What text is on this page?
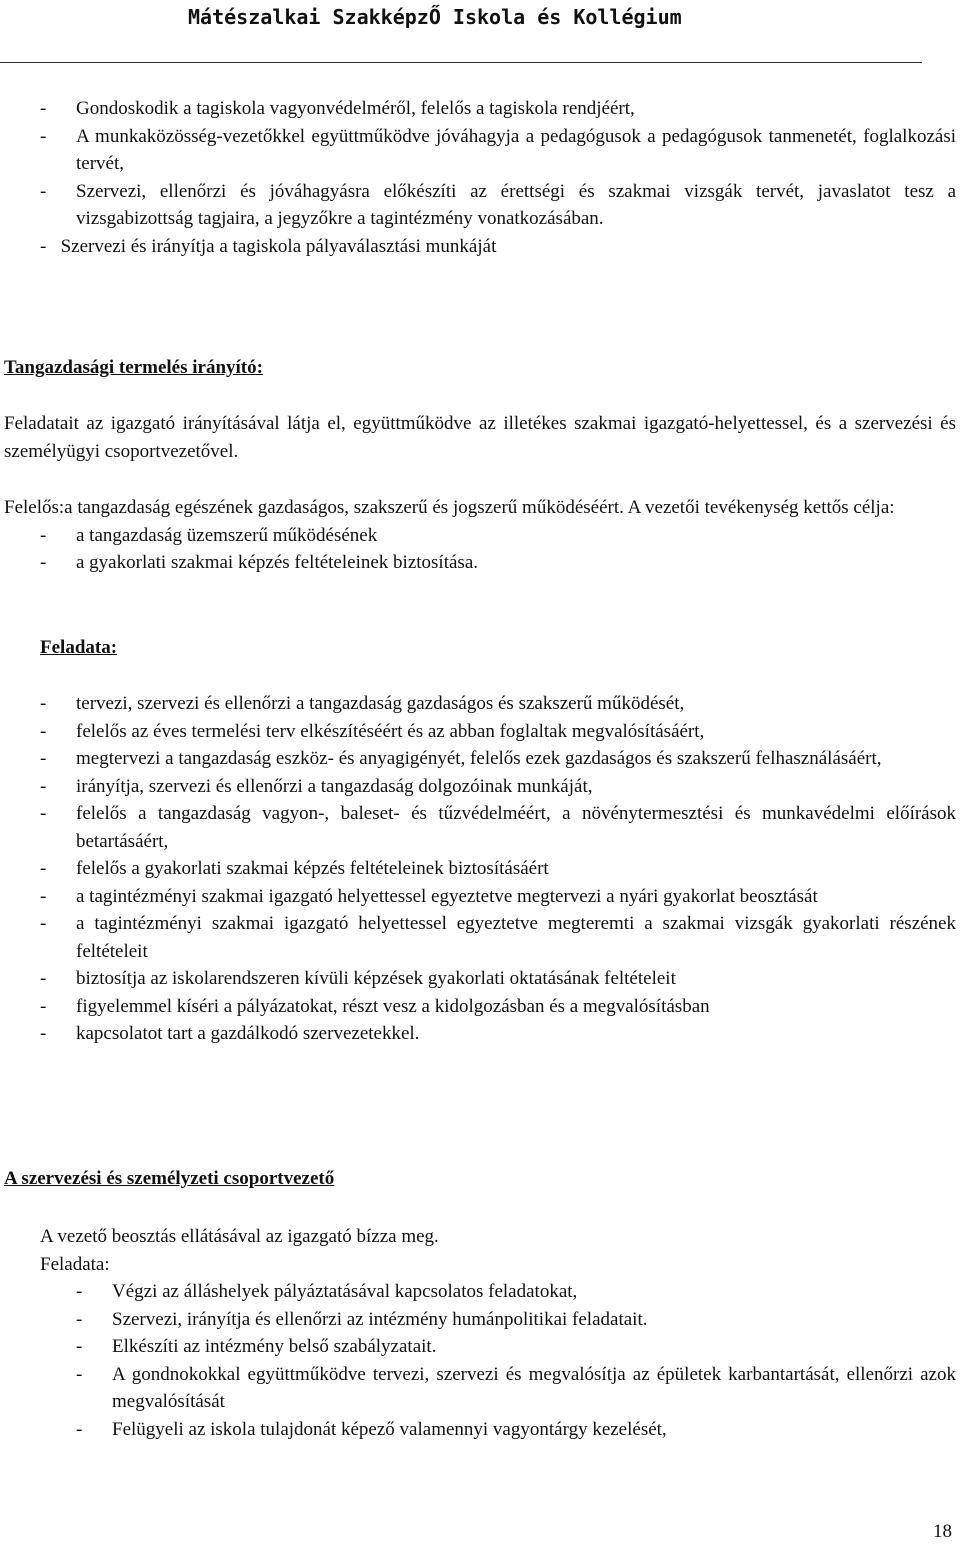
Mátészalkai SzakképzŐ Iskola és Kollégium
- Gondoskodik a tagiskola vagyonvédelméről, felelős a tagiskola rendjéért,
- A munkaközösség-vezetőkkel együttműködve jóváhagyja a pedagógusok a pedagógusok tanmenetét, foglalkozási tervét,
- Szervezi, ellenőrzi és jóváhagyásra előkészíti az érettségi és szakmai vizsgák tervét, javaslatot tesz a vizsgabizottság tagjaira, a jegyzőkre a tagintézmény vonatkozásában.

-   Szervezi és irányítja a tagiskola pályaválasztási munkáját

Tangazdasági termelés irányító:

Feladatait az igazgató irányításával látja el, együttműködve az illetékes szakmai igazgató-helyettessel, és a szervezési és személyügyi csoportvezetővel.

Felelős:a tangazdaság egészének gazdaságos, szakszerű és jogszerű működéséért. A vezetői tevékenység kettős célja:

- a tangazdaság üzemszerű működésének
- a gyakorlati szakmai képzés feltételeinek biztosítása.
Feladata:
- tervezi, szervezi és ellenőrzi a tangazdaság gazdaságos és szakszerű működését,
- felelős az éves termelési terv elkészítéséért és az abban foglaltak megvalósításáért,
- megtervezi a tangazdaság eszköz- és anyagigényét, felelős ezek gazdaságos és szakszerű felhasználásáért,
- irányítja, szervezi és ellenőrzi a tangazdaság dolgozóinak munkáját,
- felelős a tangazdaság vagyon-, baleset- és tűzvédelméért, a növénytermesztési és munkavédelmi előírások betartásáért,
- felelős a gyakorlati szakmai képzés feltételeinek biztosításáért
- a tagintézményi szakmai igazgató helyettessel egyeztetve megtervezi a nyári gyakorlat beosztását
- a tagintézményi szakmai igazgató helyettessel egyeztetve megteremti a szakmai vizsgák gyakorlati részének feltételeit
- biztosítja az iskolarendszeren kívüli képzések gyakorlati oktatásának feltételeit
- figyelemmel kíséri a pályázatokat, részt vesz a kidolgozásban és a megvalósításban
- kapcsolatot tart a gazdálkodó szervezetekkel.
A szervezési és személyzeti csoportvezető
A vezető beosztás ellátásával az igazgató bízza meg.
Feladata:
- Végzi az álláshelyek pályáztatásával kapcsolatos feladatokat,
- Szervezi, irányítja és ellenőrzi az intézmény humánpolitikai feladatait.
- Elkészíti az intézmény belső szabályzatait.
- A gondnokokkal együttműködve tervezi, szervezi és megvalósítja az épületek karbantartását, ellenőrzi azok megvalósítását
- Felügyeli az iskola tulajdonát képező valamennyi vagyontárgy kezelését,
18
